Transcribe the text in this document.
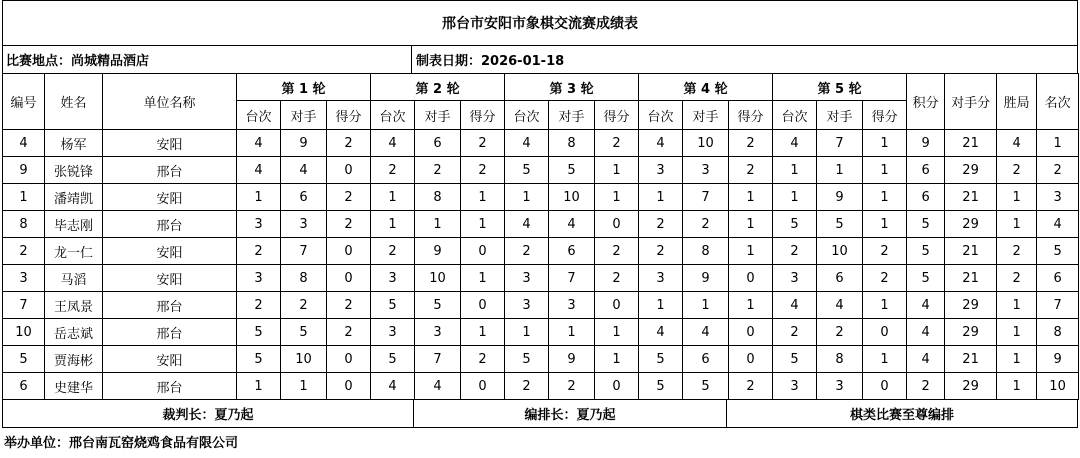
邢台市安阳市象棋交流赛成绩表
比赛地点：尚城精品酒店	制表日期：2026-01-18
编号	姓名	单位名称	第 1 轮			第 2 轮			第 3 轮			第 4 轮			第 5 轮			积分	对手分	胜局	名次
			台次	对手	得分	台次	对手	得分	台次	对手	得分	台次	对手	得分	台次	对手	得分				
4	杨军	安阳	4	9	2	4	6	2	4	8	2	4	10	2	4	7	1	9	21	4	1
9	张锐锋	邢台	4	4	0	2	2	2	5	5	1	3	3	2	1	1	1	6	29	2	2
1	潘靖凯	安阳	1	6	2	1	8	1	1	10	1	1	7	1	1	9	1	6	21	1	3
8	毕志刚	邢台	3	3	2	1	1	1	4	4	0	2	2	1	5	5	1	5	29	1	4
2	龙一仁	安阳	2	7	0	2	9	0	2	6	2	2	8	1	2	10	2	5	21	2	5
3	马滔	安阳	3	8	0	3	10	1	3	7	2	3	9	0	3	6	2	5	21	2	6
7	王凤景	邢台	2	2	2	5	5	0	3	3	0	1	1	1	4	4	1	4	29	1	7
10	岳志斌	邢台	5	5	2	3	3	1	1	1	1	4	4	0	2	2	0	4	29	1	8
5	贾海彬	安阳	5	10	0	5	7	2	5	9	1	5	6	0	5	8	1	4	21	1	9
6	史建华	邢台	1	1	0	4	4	0	2	2	0	5	5	2	3	3	0	2	29	1	10
裁判长：夏乃起	编排长：夏乃起	棋类比赛至尊编排
举办单位：邢台南瓦窑烧鸡食品有限公司
